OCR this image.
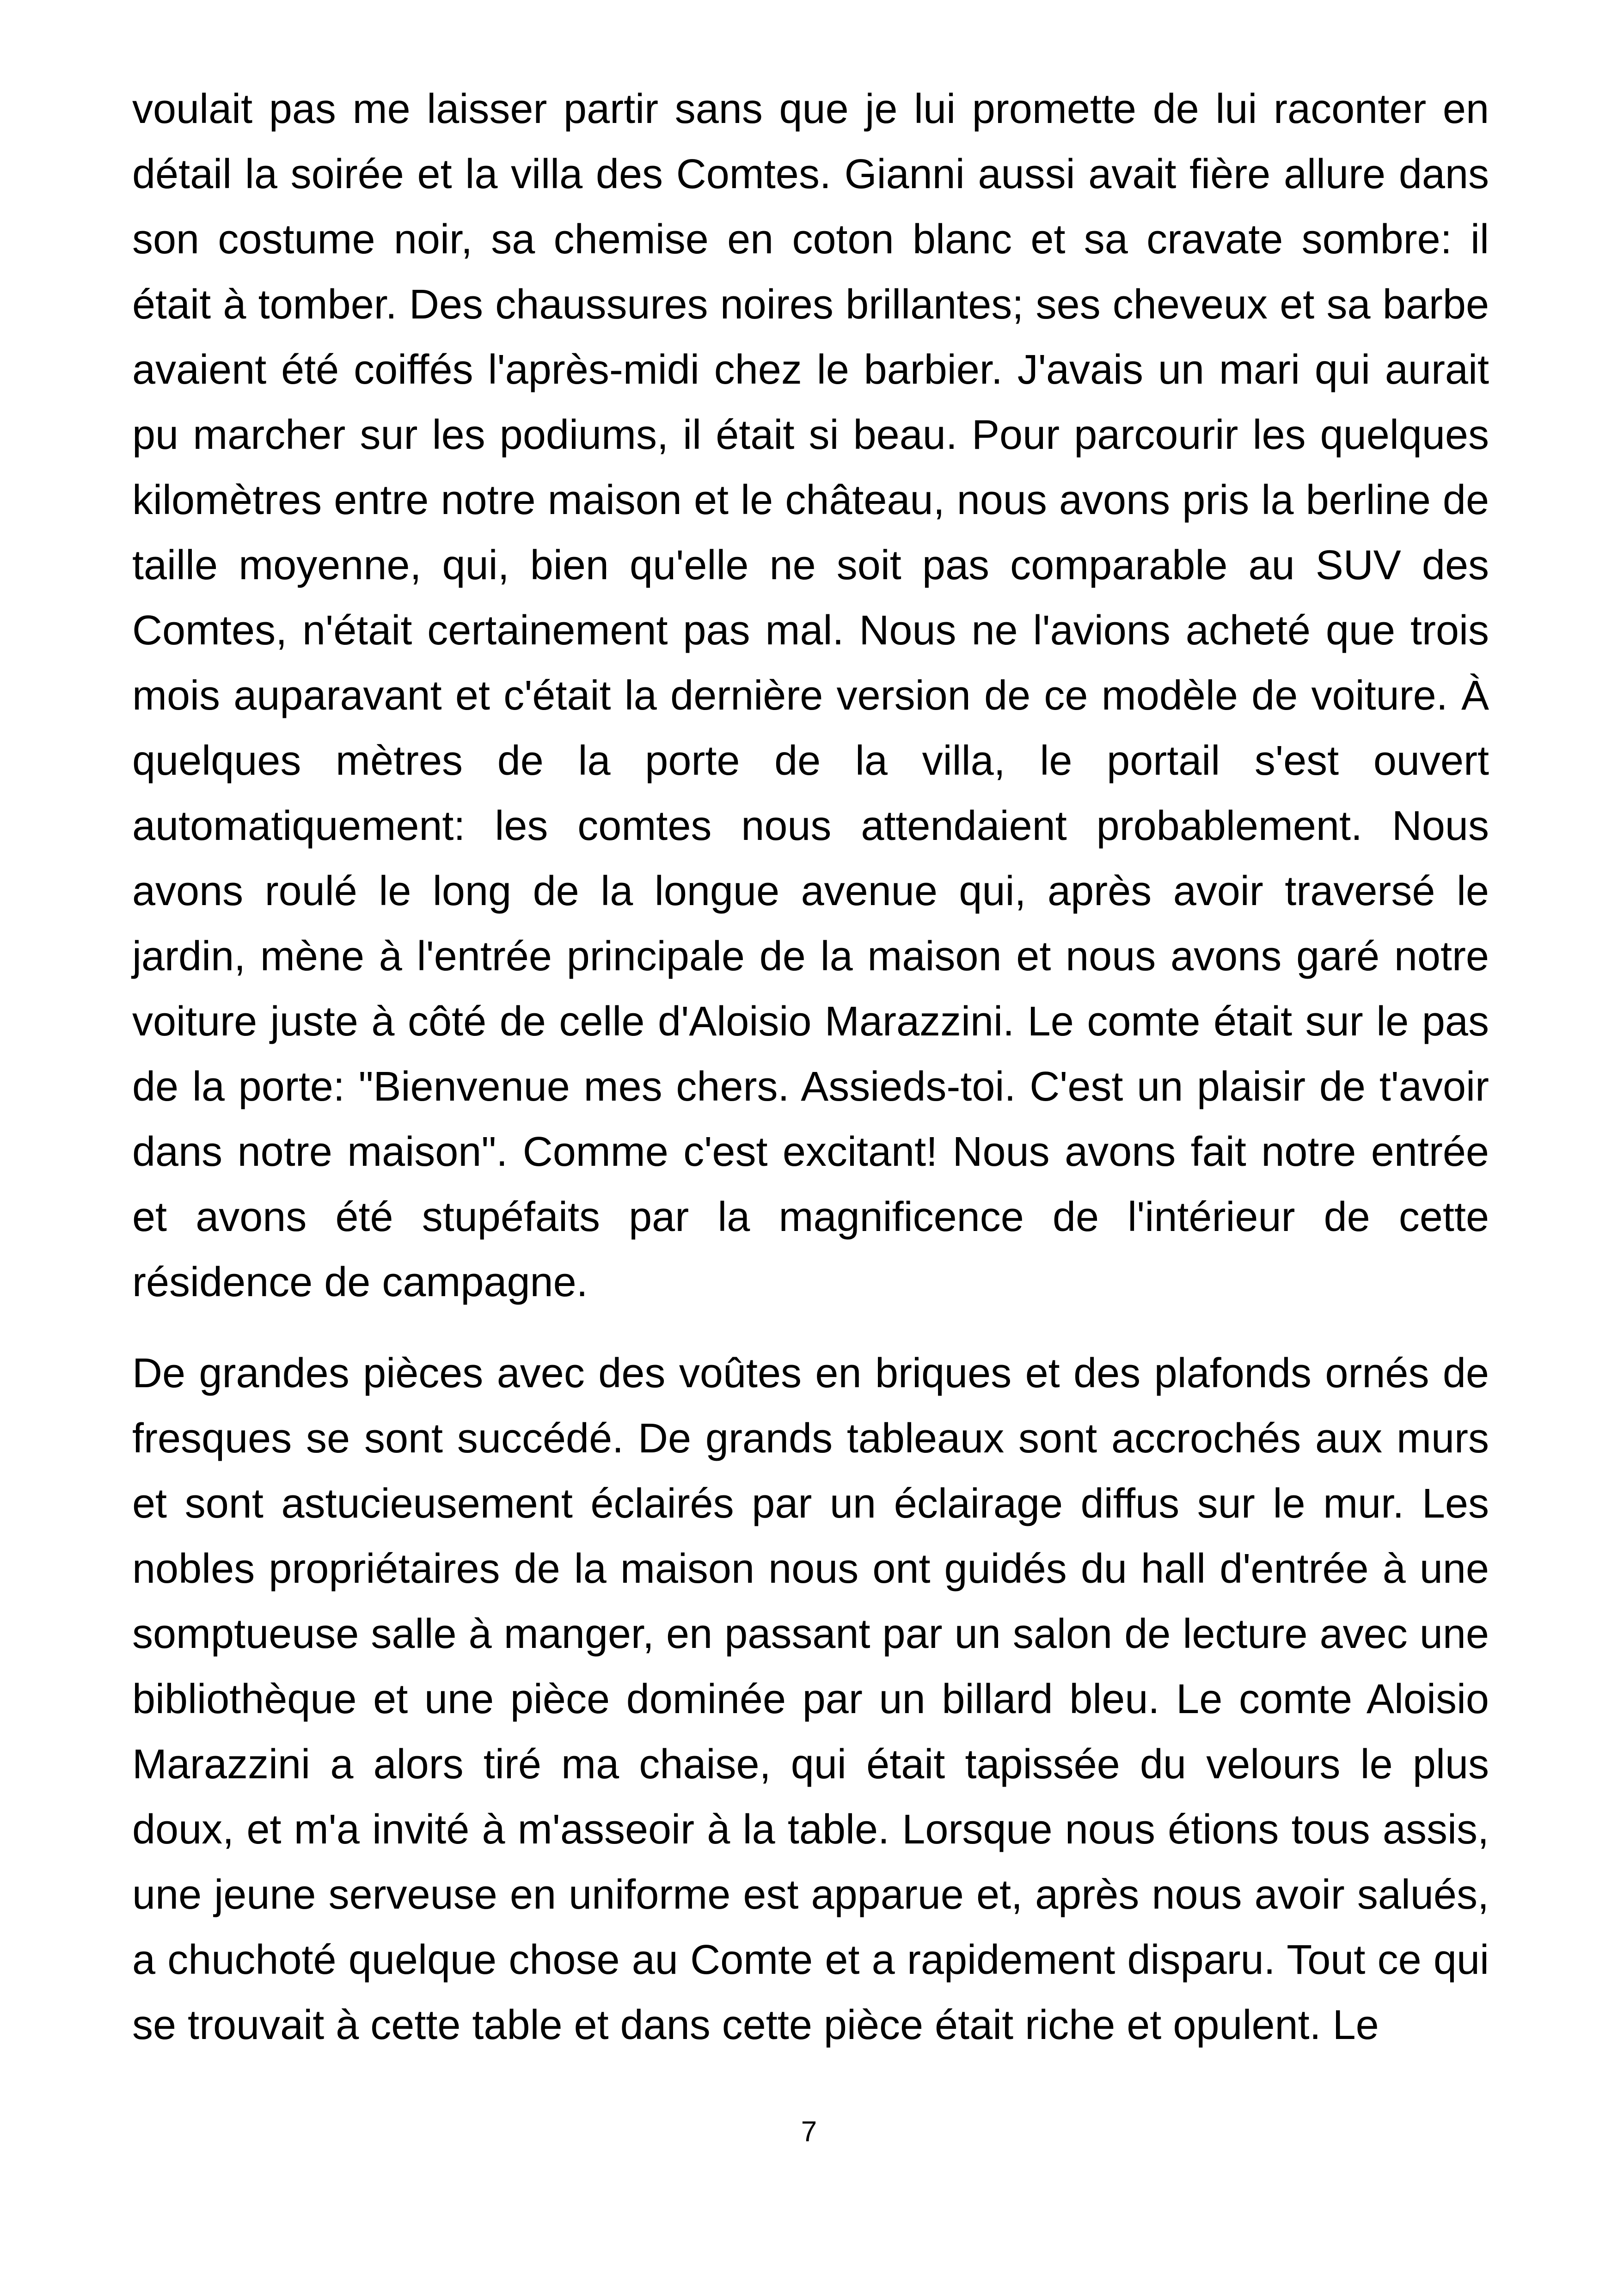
voulait pas me laisser partir sans que je lui promette de lui raconter en détail la soirée et la villa des Comtes. Gianni aussi avait fière allure dans son costume noir, sa chemise en coton blanc et sa cravate sombre: il était à tomber. Des chaussures noires brillantes; ses cheveux et sa barbe avaient été coiffés l'après-midi chez le barbier. J'avais un mari qui aurait pu marcher sur les podiums, il était si beau. Pour parcourir les quelques kilomètres entre notre maison et le château, nous avons pris la berline de taille moyenne, qui, bien qu'elle ne soit pas comparable au SUV des Comtes, n'était certainement pas mal. Nous ne l'avions acheté que trois mois auparavant et c'était la dernière version de ce modèle de voiture. À quelques mètres de la porte de la villa, le portail s'est ouvert automatiquement: les comtes nous attendaient probablement. Nous avons roulé le long de la longue avenue qui, après avoir traversé le jardin, mène à l'entrée principale de la maison et nous avons garé notre voiture juste à côté de celle d'Aloisio Marazzini. Le comte était sur le pas de la porte: "Bienvenue mes chers. Assieds-toi. C'est un plaisir de t'avoir dans notre maison". Comme c'est excitant! Nous avons fait notre entrée et avons été stupéfaits par la magnificence de l'intérieur de cette résidence de campagne.

De grandes pièces avec des voûtes en briques et des plafonds ornés de fresques se sont succédé. De grands tableaux sont accrochés aux murs et sont astucieusement éclairés par un éclairage diffus sur le mur. Les nobles propriétaires de la maison nous ont guidés du hall d'entrée à une somptueuse salle à manger, en passant par un salon de lecture avec une bibliothèque et une pièce dominée par un billard bleu. Le comte Aloisio Marazzini a alors tiré ma chaise, qui était tapissée du velours le plus doux, et m'a invité à m'asseoir à la table. Lorsque nous étions tous assis, une jeune serveuse en uniforme est apparue et, après nous avoir salués, a chuchoté quelque chose au Comte et a rapidement disparu. Tout ce qui se trouvait à cette table et dans cette pièce était riche et opulent. Le

7
